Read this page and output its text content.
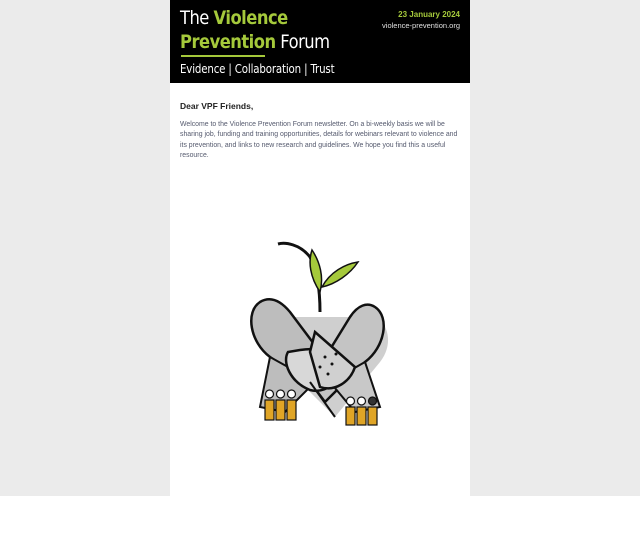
The Violence
Prevention Forum
Evidence | Collaboration | Trust
23 January 2024
violence-prevention.org
Dear VPF Friends,
Welcome to the Violence Prevention Forum newsletter. On a bi-weekly basis we will be sharing job, funding and training opportunities, details for webinars relevant to violence and its prevention, and links to new research and guidelines. We hope you find this a useful resource.
